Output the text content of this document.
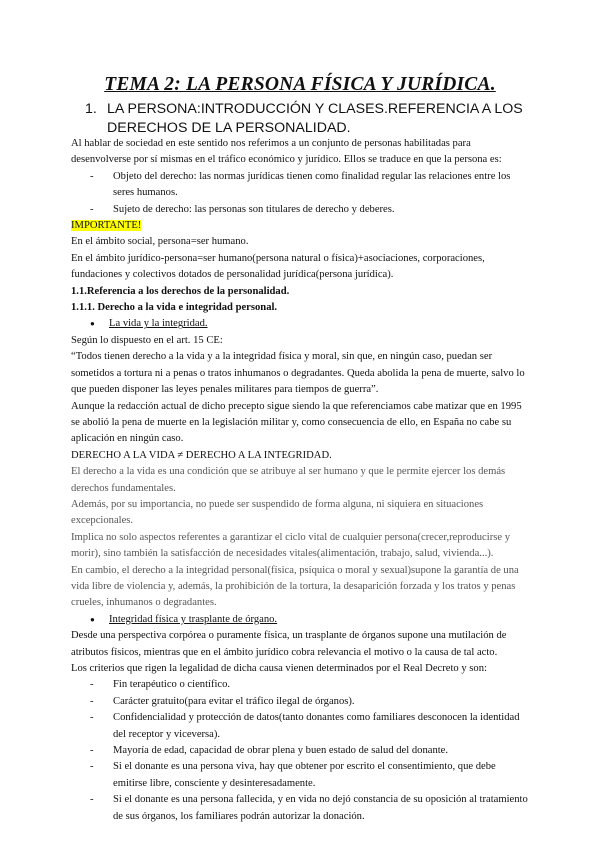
TEMA 2: LA PERSONA FÍSICA Y JURÍDICA.
1. LA PERSONA:INTRODUCCIÓN Y CLASES.REFERENCIA A LOS DERECHOS DE LA PERSONALIDAD.

Al hablar de sociedad en este sentido nos referimos a un conjunto de personas habilitadas para desenvolverse por sí mismas en el tráfico económico y jurídico. Ellos se traduce en que la persona es:

- Objeto del derecho: las normas jurídicas tienen como finalidad regular las relaciones entre los seres humanos.

- Sujeto de derecho: las personas son titulares de derecho y deberes.

IMPORTANTE!

En el ámbito social, persona=ser humano.

En el ámbito jurídico-persona=ser humano(persona natural o física)+asociaciones, corporaciones, fundaciones y colectivos dotados de personalidad jurídica(persona jurídica).

1.1.Referencia a los derechos de la personalidad.

1.1.1. Derecho a la vida e integridad personal.

● La vida y la integridad.

Según lo dispuesto en el art. 15 CE:

“Todos tienen derecho a la vida y a la integridad física y moral, sin que, en ningún caso, puedan ser sometidos a tortura ni a penas o tratos inhumanos o degradantes. Queda abolida la pena de muerte, salvo lo que pueden disponer las leyes penales militares para tiempos de guerra”.

Aunque la redacción actual de dicho precepto sigue siendo la que referenciamos cabe matizar que en 1995 se abolió la pena de muerte en la legislación militar y, como consecuencia de ello, en España no cabe su aplicación en ningún caso.

DERECHO A LA VIDA ≠ DERECHO A LA INTEGRIDAD.

El derecho a la vida es una condición que se atribuye al ser humano y que le permite ejercer los demás derechos fundamentales.

Además, por su importancia, no puede ser suspendido de forma alguna, ni siquiera en situaciones excepcionales.

Implica no solo aspectos referentes a garantizar el ciclo vital de cualquier persona(crecer,reproducirse y morir), sino también la satisfacción de necesidades vitales(alimentación, trabajo, salud, vivienda...).

En cambio, el derecho a la integridad personal(física, psíquica o moral y sexual)supone la garantía de una vida libre de violencia y, además, la prohibición de la tortura, la desaparición forzada y los tratos y penas crueles, inhumanos o degradantes.

● Integridad física y trasplante de órgano.

Desde una perspectiva corpórea o puramente física, un trasplante de órganos supone una mutilación de atributos físicos, mientras que en el ámbito jurídico cobra relevancia el motivo o la causa de tal acto.

Los criterios que rigen la legalidad de dicha causa vienen determinados por el Real Decreto y son:

- Fin terapéutico o científico.

- Carácter gratuito(para evitar el tráfico ilegal de órganos).

- Confidencialidad y protección de datos(tanto donantes como familiares desconocen la identidad del receptor y viceversa).

- Mayoría de edad, capacidad de obrar plena y buen estado de salud del donante.

- Si el donante es una persona viva, hay que obtener por escrito el consentimiento, que debe emitirse libre, consciente y desinteresadamente.

- Si el donante es una persona fallecida, y en vida no dejó constancia de su oposición al tratamiento de sus órganos, los familiares podrán autorizar la donación.
